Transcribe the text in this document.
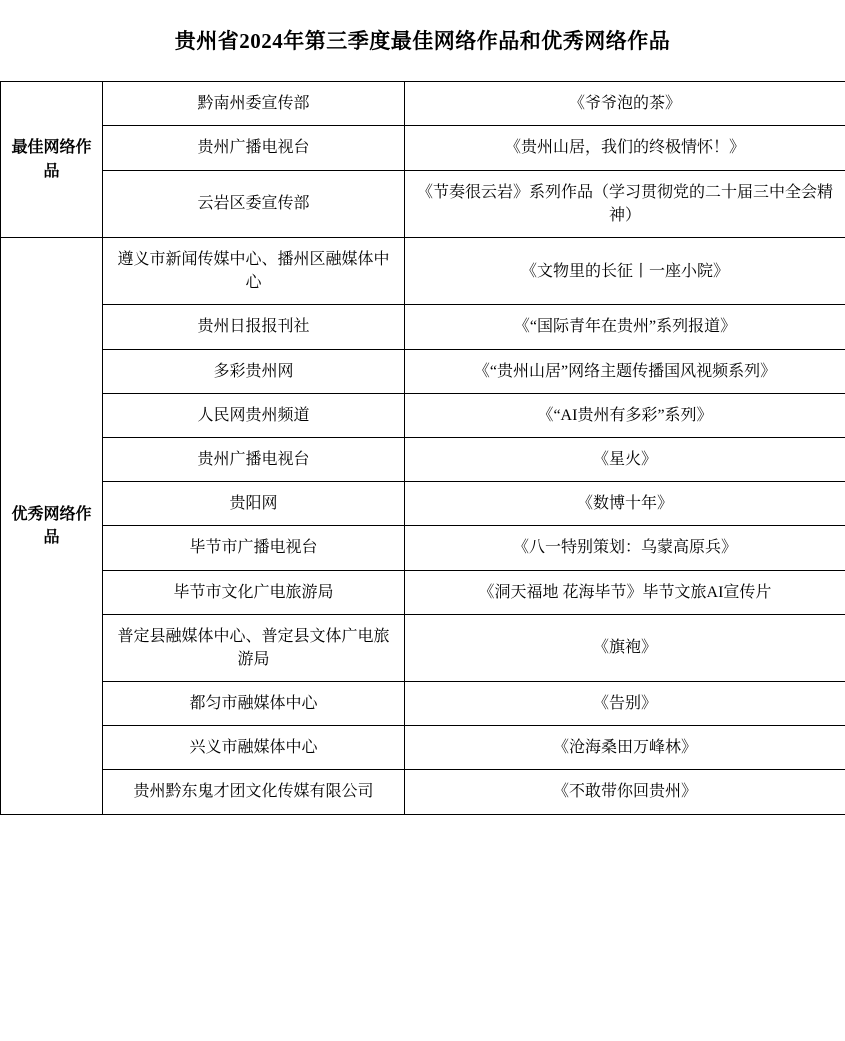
贵州省2024年第三季度最佳网络作品和优秀网络作品
最佳网络作品	黔南州委宣传部	《爷爷泡的茶》
	贵州广播电视台	《贵州山居，我们的终极情怀！》
	云岩区委宣传部	《节奏很云岩》系列作品（学习贯彻党的二十届三中全会精神）
优秀网络作品	遵义市新闻传媒中心、播州区融媒体中心	《文物里的长征丨一座小院》
	贵州日报报刊社	《“国际青年在贵州”系列报道》
	多彩贵州网	《“贵州山居”网络主题传播国风视频系列》
	人民网贵州频道	《“AI贵州有多彩”系列》
	贵州广播电视台	《星火》
	贵阳网	《数博十年》
	毕节市广播电视台	《八一特别策划：乌蒙高原兵》
	毕节市文化广电旅游局	《洞天福地 花海毕节》毕节文旅AI宣传片
	普定县融媒体中心、普定县文体广电旅游局	《旗袍》
	都匀市融媒体中心	《告别》
	兴义市融媒体中心	《沧海桑田万峰林》
	贵州黔东鬼才团文化传媒有限公司	《不敢带你回贵州》
